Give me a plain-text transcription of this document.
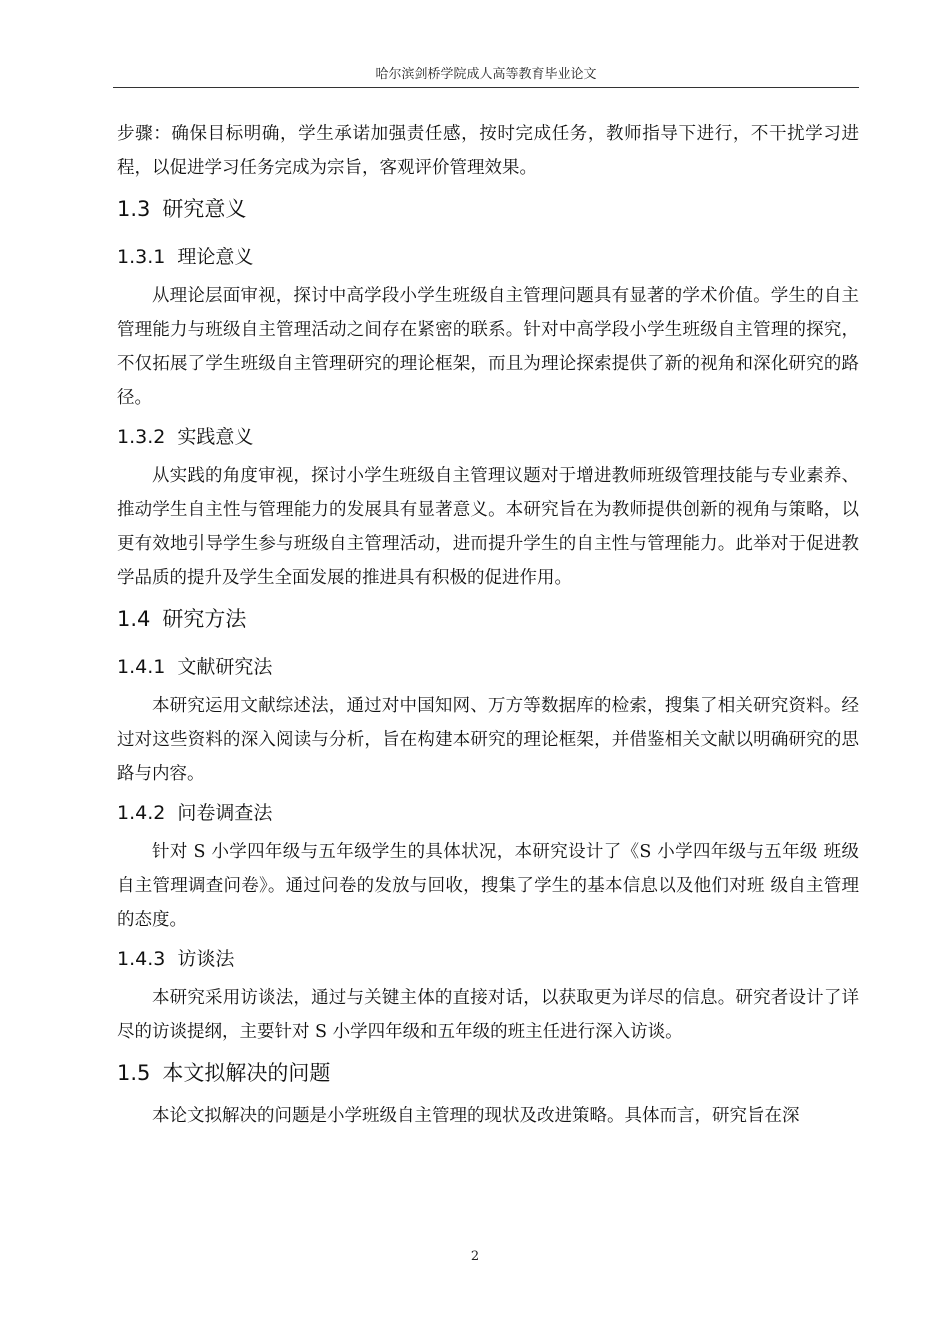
哈尔滨剑桥学院成人高等教育毕业论文

步骤：确保目标明确，学生承诺加强责任感，按时完成任务，教师指导下进行，不干扰学习进程，以促进学习任务完成为宗旨，客观评价管理效果。

1.3 研究意义
1.3.1 理论意义

从理论层面审视，探讨中高学段小学生班级自主管理问题具有显著的学术价值。学生的自主管理能力与班级自主管理活动之间存在紧密的联系。针对中高学段小学生班级自主管理的探究，不仅拓展了学生班级自主管理研究的理论框架，而且为理论探索提供了新的视角和深化研究的路径。

1.3.2 实践意义

从实践的角度审视，探讨小学生班级自主管理议题对于增进教师班级管理技能与专业素养、推动学生自主性与管理能力的发展具有显著意义。本研究旨在为教师提供创新的视角与策略，以更有效地引导学生参与班级自主管理活动，进而提升学生的自主性与管理能力。此举对于促进教学品质的提升及学生全面发展的推进具有积极的促进作用。

1.4 研究方法
1.4.1 文献研究法

本研究运用文献综述法，通过对中国知网、万方等数据库的检索，搜集了相关研究资料。经过对这些资料的深入阅读与分析，旨在构建本研究的理论框架，并借鉴相关文献以明确研究的思路与内容。

1.4.2 问卷调查法

针对 S 小学四年级与五年级学生的具体状况，本研究设计了《S 小学四年级与五年级 班级自主管理调查问卷》。通过问卷的发放与回收，搜集了学生的基本信息以及他们对班 级自主管理的态度。

1.4.3 访谈法

本研究采用访谈法，通过与关键主体的直接对话，以获取更为详尽的信息。研究者设计了详尽的访谈提纲，主要针对 S 小学四年级和五年级的班主任进行深入访谈。

1.5 本文拟解决的问题

本论文拟解决的问题是小学班级自主管理的现状及改进策略。具体而言，研究旨在深

2
